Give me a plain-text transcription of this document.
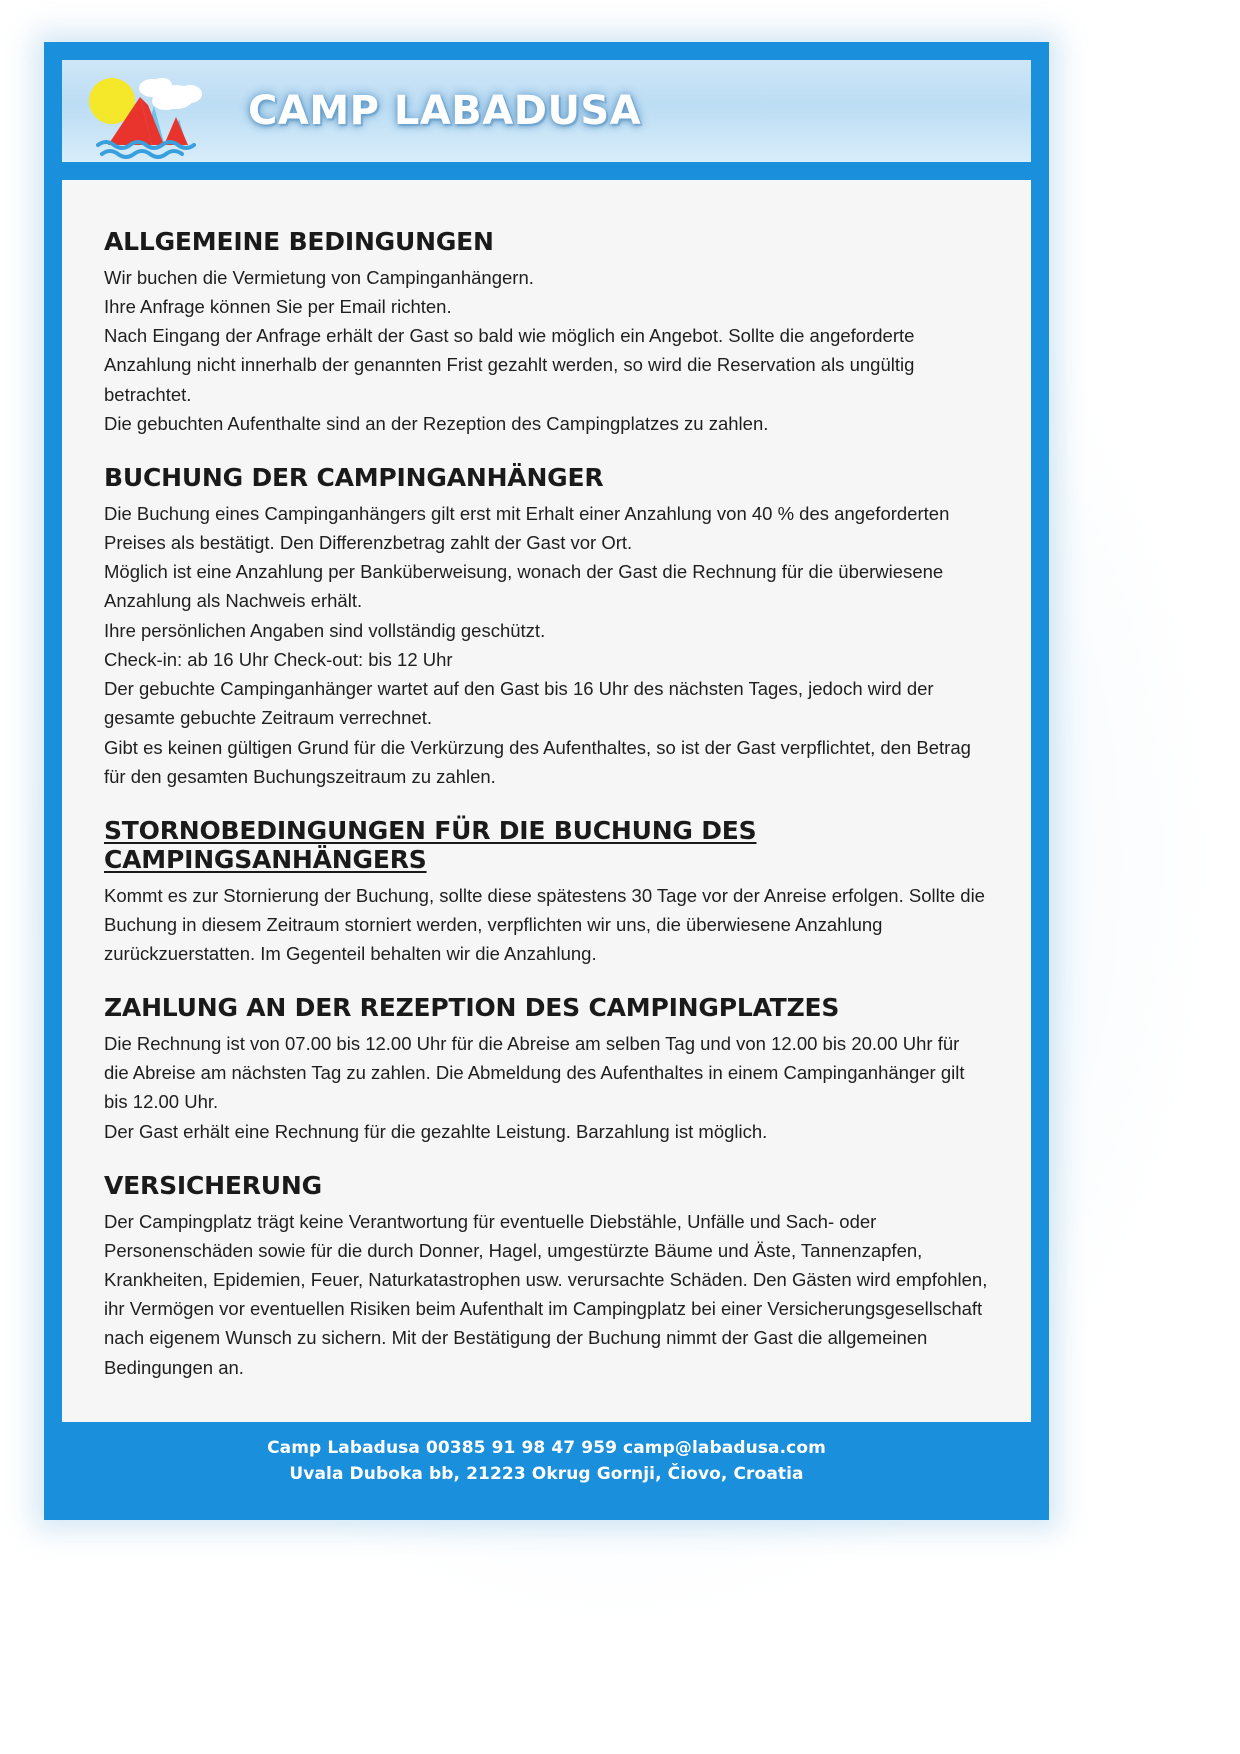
CAMP LABADUSA
ALLGEMEINE BEDINGUNGEN

Wir buchen die Vermietung von Campinganhängern.

Ihre Anfrage können Sie per Email richten.

Nach Eingang der Anfrage erhält der Gast so bald wie möglich ein Angebot. Sollte die angeforderte Anzahlung nicht innerhalb der genannten Frist gezahlt werden, so wird die Reservation als ungültig betrachtet.

Die gebuchten Aufenthalte sind an der Rezeption des Campingplatzes zu zahlen.

BUCHUNG DER CAMPINGANHÄNGER

Die Buchung eines Campinganhängers gilt erst mit Erhalt einer Anzahlung von 40 % des angeforderten Preises als bestätigt. Den Differenzbetrag zahlt der Gast vor Ort.

Möglich ist eine Anzahlung per Banküberweisung, wonach der Gast die Rechnung für die überwiesene Anzahlung als Nachweis erhält.

Ihre persönlichen Angaben sind vollständig geschützt.

Check-in: ab 16 Uhr Check-out: bis 12 Uhr

Der gebuchte Campinganhänger wartet auf den Gast bis 16 Uhr des nächsten Tages, jedoch wird der gesamte gebuchte Zeitraum verrechnet.

Gibt es keinen gültigen Grund für die Verkürzung des Aufenthaltes, so ist der Gast verpflichtet, den Betrag für den gesamten Buchungszeitraum zu zahlen.

STORNOBEDINGUNGEN FÜR DIE BUCHUNG DES CAMPINGSANHÄNGERS

Kommt es zur Stornierung der Buchung, sollte diese spätestens 30 Tage vor der Anreise erfolgen. Sollte die Buchung in diesem Zeitraum storniert werden, verpflichten wir uns, die überwiesene Anzahlung zurückzuerstatten. Im Gegenteil behalten wir die Anzahlung.

ZAHLUNG AN DER REZEPTION DES CAMPINGPLATZES

Die Rechnung ist von 07.00 bis 12.00 Uhr für die Abreise am selben Tag und von 12.00 bis 20.00 Uhr für die Abreise am nächsten Tag zu zahlen. Die Abmeldung des Aufenthaltes in einem Campinganhänger gilt bis 12.00 Uhr.

Der Gast erhält eine Rechnung für die gezahlte Leistung. Barzahlung ist möglich.

VERSICHERUNG

Der Campingplatz trägt keine Verantwortung für eventuelle Diebstähle, Unfälle und Sach- oder Personenschäden sowie für die durch Donner, Hagel, umgestürzte Bäume und Äste, Tannenzapfen, Krankheiten, Epidemien, Feuer, Naturkatastrophen usw. verursachte Schäden. Den Gästen wird empfohlen, ihr Vermögen vor eventuellen Risiken beim Aufenthalt im Campingplatz bei einer Versicherungsgesellschaft nach eigenem Wunsch zu sichern. Mit der Bestätigung der Buchung nimmt der Gast die allgemeinen Bedingungen an.

Camp Labadusa 00385 91 98 47 959 camp@labadusa.com
Uvala Duboka bb, 21223 Okrug Gornji, Čiovo, Croatia
